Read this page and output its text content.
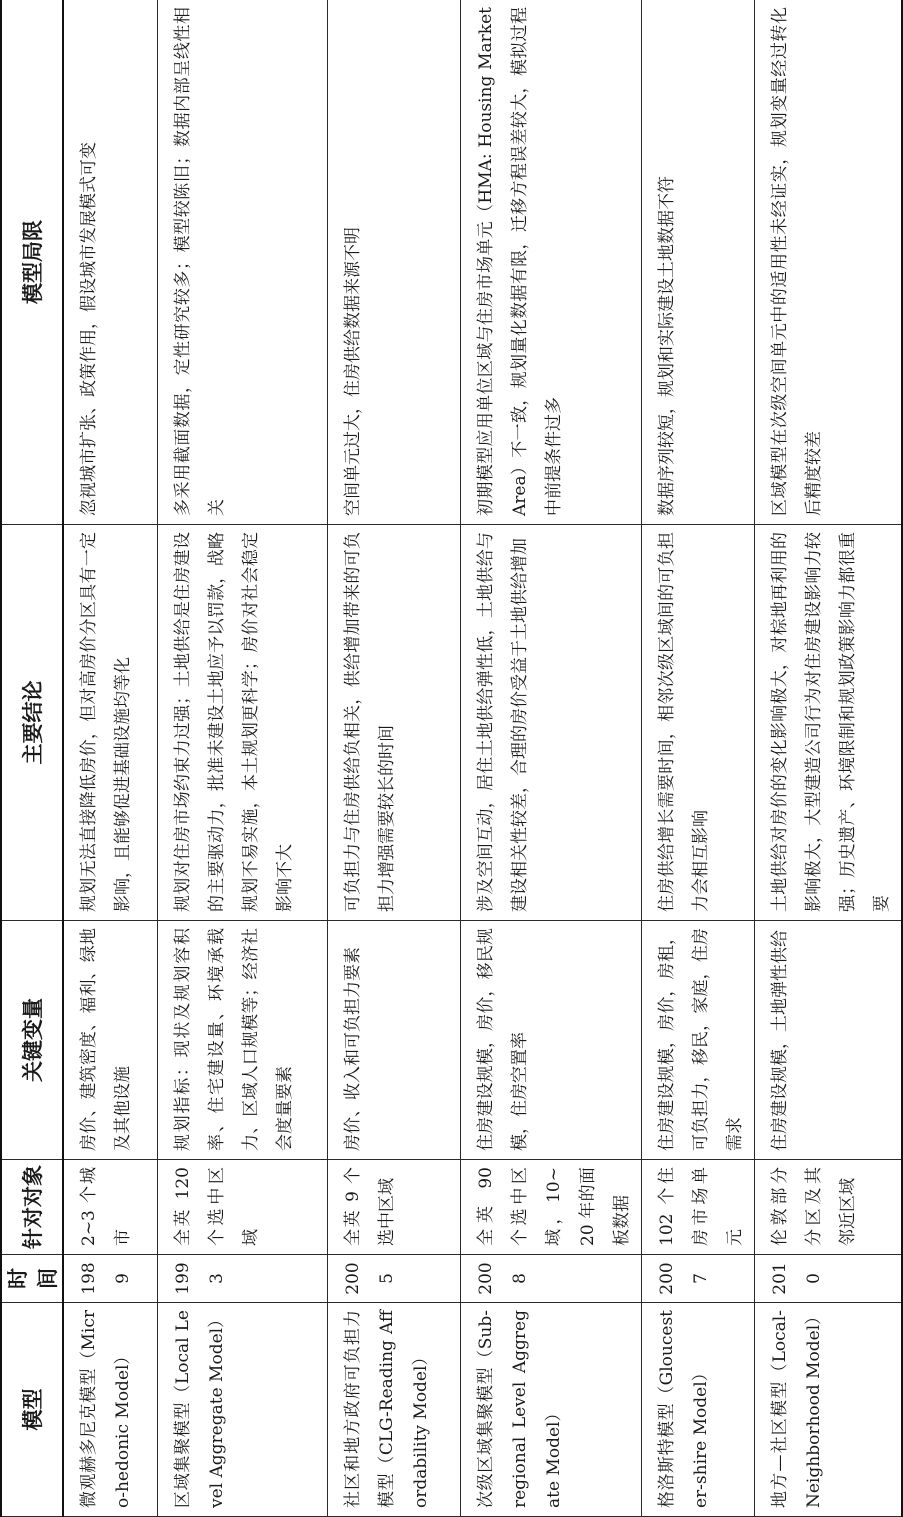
模型	时间	针对对象	关键变量	主要结论	模型局限
微观赫多尼克模型（Micro-hedonic Model）	1989	2~3 个城市	房价、建筑密度、福利、绿地及其他设施	规划无法直接降低房价，但对高房价分区具有一定影响，且能够促进基础设施均等化	忽视城市扩张、政策作用，假设城市发展模式可变
区域集聚模型（Local Level Aggregate Model）	1993	全英 120 个选中区域	规划指标：现状及规划容积率、住宅建设量、环境承载力、区域人口规模等；经济社会度量要素	规划对住房市场约束力过强；土地供给是住房建设的主要驱动力，批准未建设土地应予以罚款，战略规划不易实施，本土规划更科学；房价对社会稳定影响不大	多采用截面数据，定性研究较多；模型较陈旧；数据内部呈线性相关
社区和地方政府可负担力模型（CLG-Reading Affordability Model）	2005	全英 9 个选中区域	房价、收入和可负担力要素	可负担力与住房供给负相关，供给增加带来的可负担力增强需要较长的时间	空间单元过大，住房供给数据来源不明
次级区域集聚模型（Sub-regional Level Aggregate Model）	2008	全英 90 个选中区域，10~20 年的面板数据	住房建设规模，房价，移民规模，住房空置率	涉及空间互动，居住土地供给弹性低，土地供给与建设相关性较差，合理的房价受益于土地供给增加	初期模型应用单位区域与住房市场单元（HMA: Housing Market Area）不一致，规划量化数据有限，迁移方程误差较大，模拟过程中前提条件过多
格洛斯特模型（Gloucester-shire Model）	2007	102 个住房市场单元	住房建设规模，房价，房租，可负担力，移民，家庭，住房需求	住房供给增长需要时间，相邻次级区域间的可负担力会相互影响	数据序列较短，规划和实际建设土地数据不符
地方—社区模型（Local-Neighborhood Model）	2010	伦敦部分分区及其邻近区域	住房建设规模，土地弹性供给	土地供给对房价的变化影响极大，对棕地再利用的影响极大，大型建造公司行为对住房建设影响力较强；历史遗产、环境限制和规划政策影响力都很重要	区域模型在次级空间单元中的适用性未经证实，规划变量经过转化后精度较差
